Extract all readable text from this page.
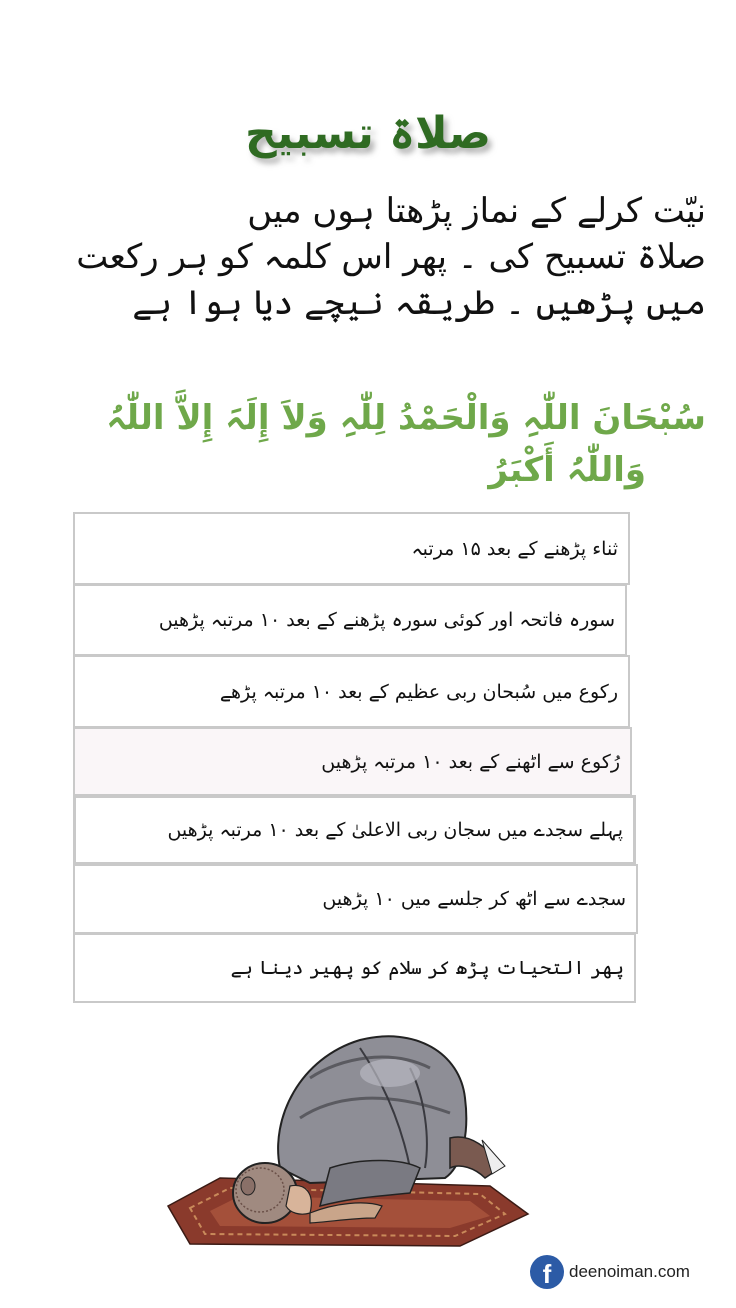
صلاۃ تسبیح
نیّت کرلے کے نماز پڑھتا ہوں میں
صلاۃ تسبیح کی ۔ پھر اس کلمہ کو ہر رکعت
میں پڑھیں ۔ طریقہ نیچے دیا ہوا ہے
سُبْحَانَ اللّٰہِ وَالْحَمْدُ لِلّٰہِ وَلاَ إِلَہَ إِلاَّ اللّٰہُ
وَاللّٰہُ أَكْبَرُ
ثناء پڑھنے کے بعد ۱۵ مرتبہ
سورہ فاتحہ اور کوئی سورہ پڑھنے کے بعد ۱۰ مرتبہ پڑھیں
رکوع میں سُبحان ربی عظیم کے بعد ۱۰ مرتبہ پڑھے
رُکوع سے اٹھنے کے بعد ۱۰ مرتبہ پڑھیں
پہلے سجدے میں سجان ربی الاعلیٰ کے بعد ۱۰ مرتبہ پڑھیں
سجدے سے اٹھ کر جلسے میں ۱۰ پڑھیں
پھر التحیات پڑھ کر سلام کو پھیر دینا ہے
f deenoiman.com
